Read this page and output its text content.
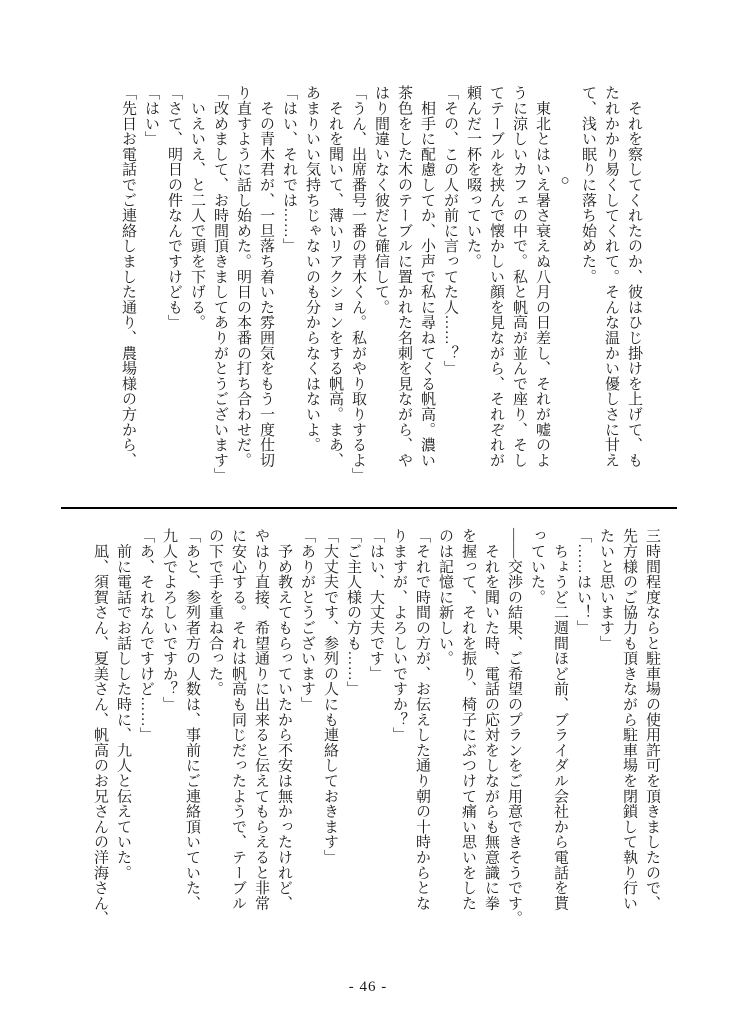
　それを察してくれたのか、彼はひじ掛けを上げて、も
たれかかり易くしてくれて。そんな温かい優しさに甘え
て、浅い眠りに落ち始めた。
○
　東北とはいえ暑さ衰えぬ八月の日差し、それが嘘のよ
うに涼しいカフェの中で。私と帆高が並んで座り、そし
てテーブルを挟んで懐かしい顔を見ながら、それぞれが
頼んだ一杯を啜っていた。
「その、この人が前に言ってた人……？」
　相手に配慮してか、小声で私に尋ねてくる帆高。濃い
茶色をした木のテーブルに置かれた名刺を見ながら、や
はり間違いなく彼だと確信して。
「うん、出席番号一番の青木くん。私がやり取りするよ」
　それを聞いて、薄いリアクションをする帆高。まあ、
あまりいい気持ちじゃないのも分からなくはないよ。
「はい、それでは……」
　その青木君が、一旦落ち着いた雰囲気をもう一度仕切
り直すように話し始めた。明日の本番の打ち合わせだ。
「改めまして、お時間頂きましてありがとうございます」
　いえいえ、と二人で頭を下げる。
「さて、明日の件なんですけども」
「はい」
「先日お電話でご連絡しました通り、農場様の方から、
三時間程度ならと駐車場の使用許可を頂きましたので、
先方様のご協力も頂きながら駐車場を閉鎖して執り行い
たいと思います」
「……はい！」
　ちょうど二週間ほど前、ブライダル会社から電話を貰
っていた。
――交渉の結果、ご希望のプランをご用意できそうです。
　それを聞いた時、電話の応対をしながらも無意識に拳
を握って、それを振り、椅子にぶつけて痛い思いをした
のは記憶に新しい。
「それで時間の方が、お伝えした通り朝の十時からとな
りますが、よろしいですか？」
「はい、大丈夫です」
「ご主人様の方も……」
「大丈夫です、参列の人にも連絡しておきます」
「ありがとうございます」
　予め教えてもらっていたから不安は無かったけれど、
やはり直接、希望通りに出来ると伝えてもらえると非常
に安心する。それは帆高も同じだったようで、テーブル
の下で手を重ね合った。
「あと、参列者方の人数は、事前にご連絡頂いていた、
九人でよろしいですか？」
「あ、それなんですけど……」
　前に電話でお話しした時に、九人と伝えていた。
　凪、須賀さん、夏美さん、帆高のお兄さんの洋海さん、
- 46 -
